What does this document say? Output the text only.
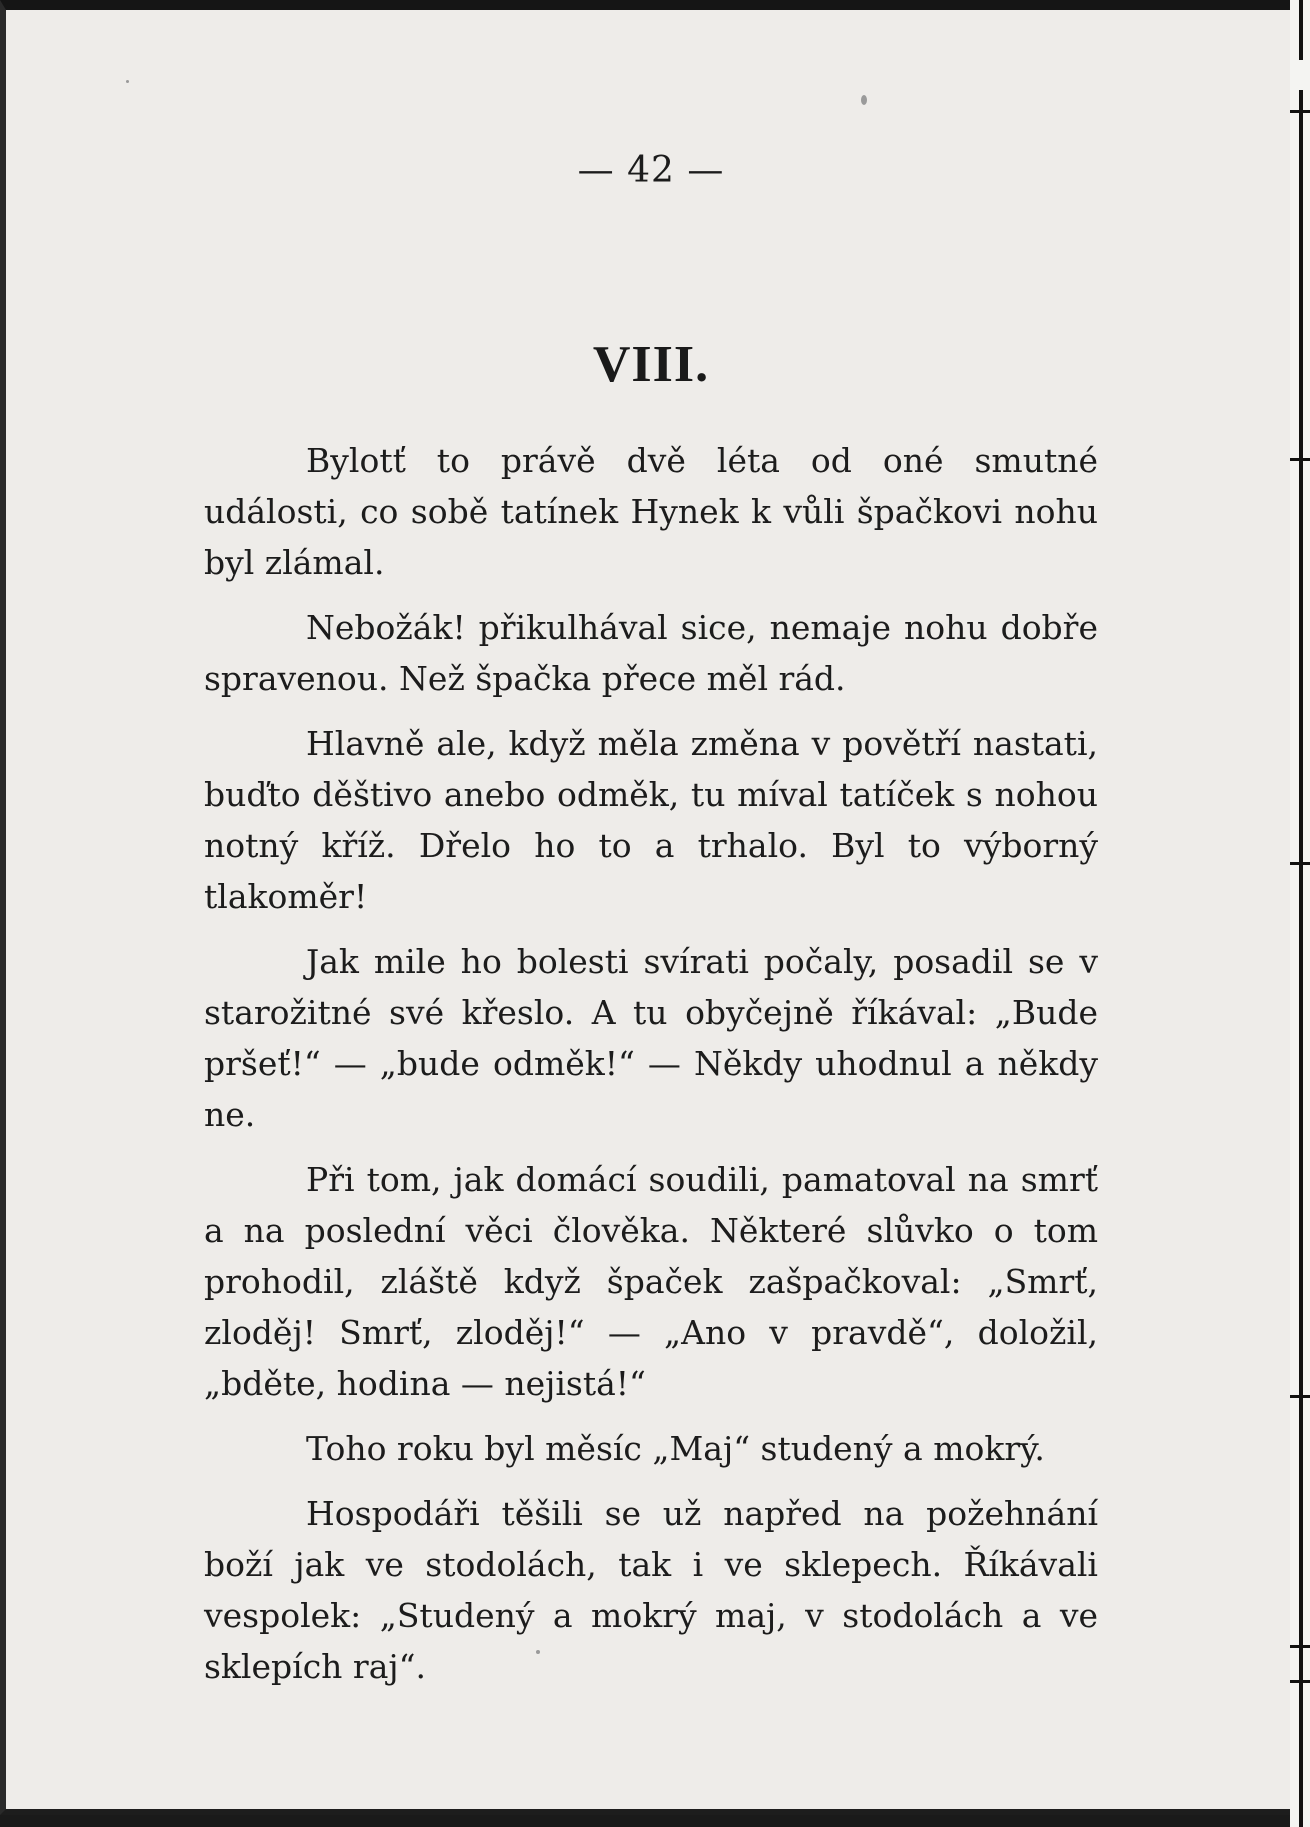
— 42 —
VIII.

Bylotť to právě dvě léta od oné smutné události, co sobě tatínek Hynek k vůli špačkovi nohu byl zlámal.

Nebožák! přikulhával sice, nemaje nohu dobře spravenou. Než špačka přece měl rád.

Hlavně ale, když měla změna v povětří nastati, buďto děštivo anebo odměk, tu míval tatíček s nohou notný kříž. Dřelo ho to a trhalo. Byl to výborný tlakoměr!

Jak mile ho bolesti svírati počaly, posadil se v starožitné své křeslo. A tu obyčejně říkával: „Bude pršeť!“ — „bude odměk!“ — Někdy uhodnul a někdy ne.

Při tom, jak domácí soudili, pamatoval na smrť a na poslední věci člověka. Některé slůvko o tom prohodil, zláště když špaček zašpačkoval: „Smrť, zloděj! Smrť, zloděj!“ — „Ano v pravdě“, doložil, „bděte, hodina — nejistá!“

Toho roku byl měsíc „Maj“ studený a mokrý.

Hospodáři těšili se už napřed na požehnání boží jak ve stodolách, tak i ve sklepech. Říkávali vespolek: „Studený a mokrý maj, v stodolách a ve sklepích raj“.
